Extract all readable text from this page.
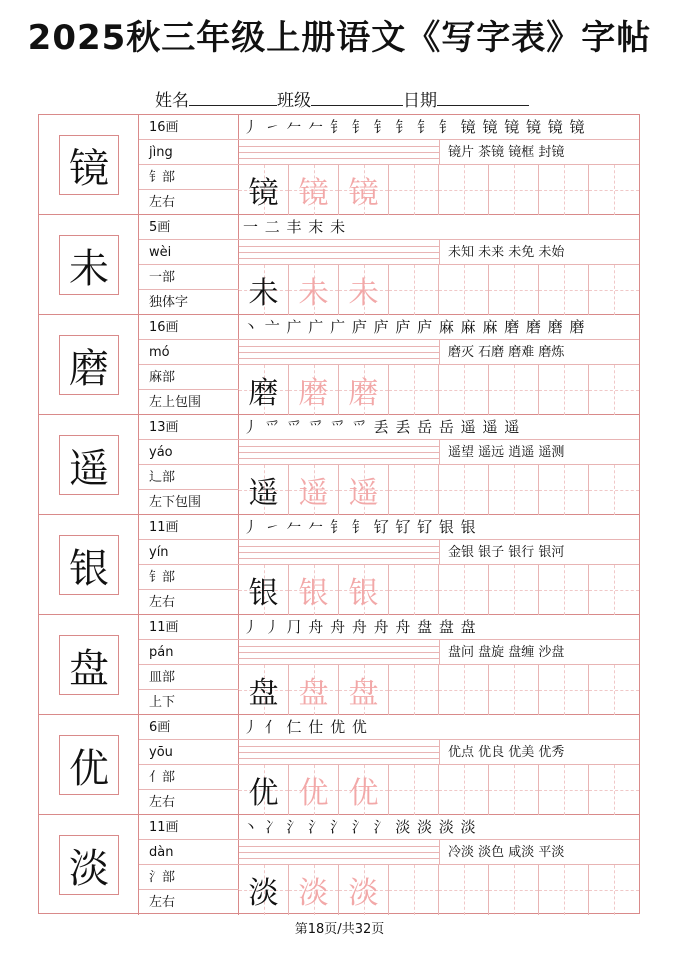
2025秋三年级上册语文《写字表》字帖
姓名	班级	日期
镜
16画
jìng
钅部
左右
丿 ㇀ 𠂉 𠂉 钅 钅 钅 钅 钅 钅 镜 镜 镜 镜 镜 镜
镜片 茶镜 镜框 封镜
镜 镜 镜
未
5画
wèi
一部
独体字
一 二 丰 末 未
未知 未来 未免 未始
未 未 未
磨
16画
mó
麻部
左上包围
丶 亠 广 广 广 庐 庐 庐 庐 麻 麻 麻 磨 磨 磨 磨
磨灭 石磨 磨难 磨炼
磨 磨 磨
遥
13画
yáo
辶部
左下包围
丿 爫 爫 爫 爫 爫 丢 丢 岳 岳 遥 遥 遥
遥望 遥远 逍遥 遥测
遥 遥 遥
银
11画
yín
钅部
左右
丿 ㇀ 𠂉 𠂉 钅 钅 钌 钌 钌 银 银
金银 银子 银行 银河
银 银 银
盘
11画
pán
皿部
上下
丿 丿 ⺆ 舟 舟 舟 舟 舟 盘 盘 盘
盘问 盘旋 盘缠 沙盘
盘 盘 盘
优
6画
yōu
亻部
左右
丿 亻 仁 仕 优 优
优点 优良 优美 优秀
优 优 优
淡
11画
dàn
氵部
左右
丶 冫 氵 氵 氵 氵 氵 淡 淡 淡 淡
冷淡 淡色 咸淡 平淡
淡 淡 淡
第18页/共32页
